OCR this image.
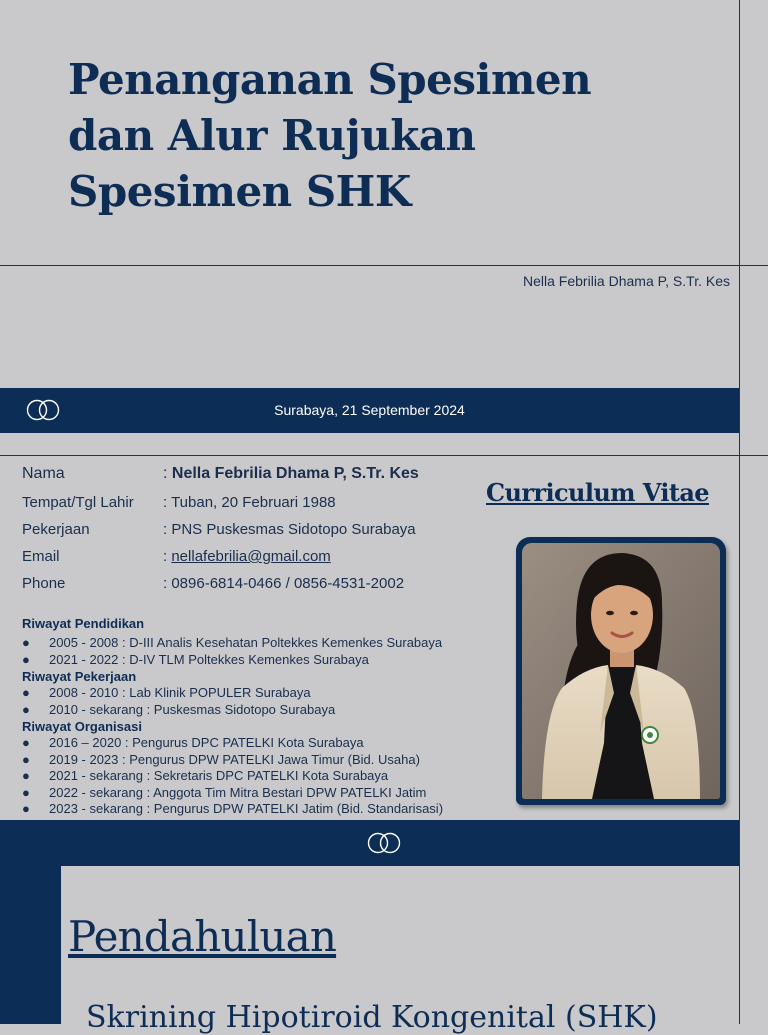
Penanganan Spesimen
dan Alur Rujukan
Spesimen SHK
Nella Febrilia Dhama P, S.Tr. Kes
Surabaya, 21 September 2024
Nama	: Nella Febrilia Dhama P, S.Tr. Kes
Tempat/Tgl Lahir : Tuban, 20 Februari 1988
Pekerjaan	: PNS Puskesmas Sidotopo Surabaya
Email	: nellafebrilia@gmail.com
Phone	: 0896-6814-0466 / 0856-4531-2002
Curriculum Vitae
Riwayat Pendidikan
● 2005 - 2008 : D-III Analis Kesehatan Poltekkes Kemenkes Surabaya
● 2021 - 2022 : D-IV TLM Poltekkes Kemenkes Surabaya
Riwayat Pekerjaan
● 2008 - 2010 : Lab Klinik POPULER Surabaya
● 2010 - sekarang : Puskesmas Sidotopo Surabaya
Riwayat Organisasi
● 2016 – 2020 : Pengurus DPC PATELKI Kota Surabaya
● 2019 - 2023 : Pengurus DPW PATELKI Jawa Timur (Bid. Usaha)
● 2021 - sekarang : Sekretaris DPC PATELKI Kota Surabaya
● 2022 - sekarang : Anggota Tim Mitra Bestari DPW PATELKI Jatim
● 2023 - sekarang : Pengurus DPW PATELKI Jatim (Bid. Standarisasi)
Pendahuluan
Skrining Hipotiroid Kongenital (SHK)
